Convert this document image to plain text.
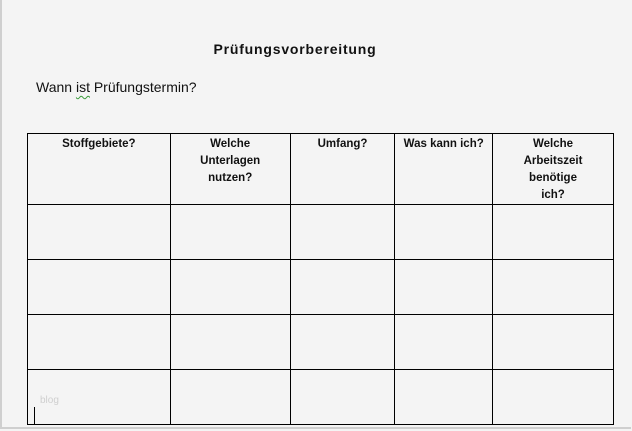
Prüfungsvorbereitung
Wann ist Prüfungstermin?
Stoffgebiete?	Welche Unterlagen nutzen?	Umfang?	Was kann ich?	Welche Arbeitszeit benötige ich?

blog				
